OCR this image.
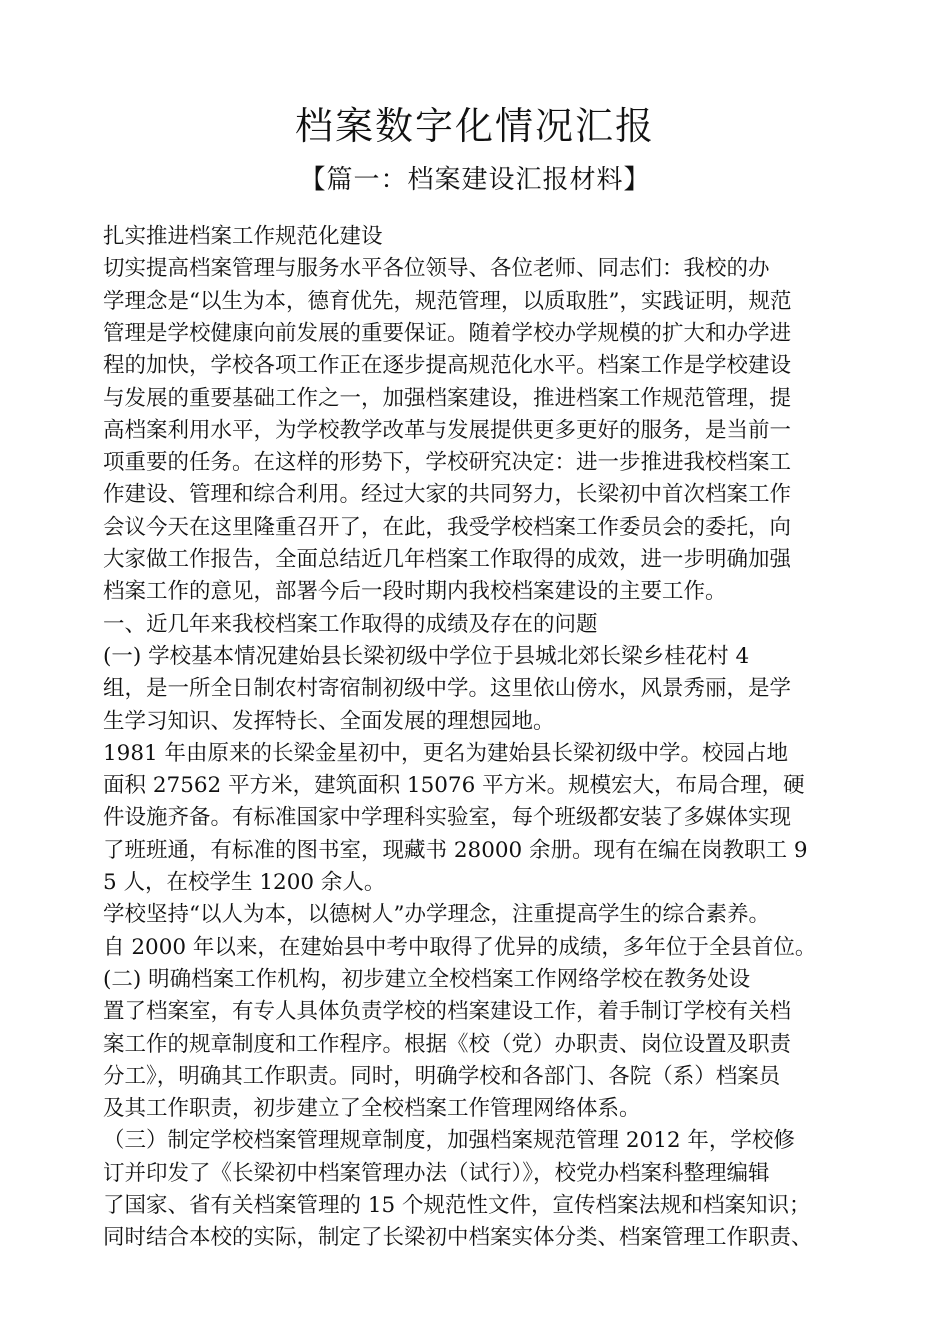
档案数字化情况汇报
【篇一：档案建设汇报材料】
扎实推进档案工作规范化建设
切实提高档案管理与服务水平各位领导、各位老师、同志们：我校的办
学理念是“以生为本，德育优先，规范管理，以质取胜”，实践证明，规范
管理是学校健康向前发展的重要保证。随着学校办学规模的扩大和办学进
程的加快，学校各项工作正在逐步提高规范化水平。档案工作是学校建设
与发展的重要基础工作之一，加强档案建设，推进档案工作规范管理，提
高档案利用水平，为学校教学改革与发展提供更多更好的服务，是当前一
项重要的任务。在这样的形势下，学校研究决定：进一步推进我校档案工
作建设、管理和综合利用。经过大家的共同努力，长梁初中首次档案工作
会议今天在这里隆重召开了，在此，我受学校档案工作委员会的委托，向
大家做工作报告，全面总结近几年档案工作取得的成效，进一步明确加强
档案工作的意见，部署今后一段时期内我校档案建设的主要工作。
一、近几年来我校档案工作取得的成绩及存在的问题
(一) 学校基本情况建始县长梁初级中学位于县城北郊长梁乡桂花村 4
组，是一所全日制农村寄宿制初级中学。这里依山傍水，风景秀丽，是学
生学习知识、发挥特长、全面发展的理想园地。
1981 年由原来的长梁金星初中，更名为建始县长梁初级中学。校园占地
面积 27562 平方米，建筑面积 15076 平方米。规模宏大，布局合理，硬
件设施齐备。有标准国家中学理科实验室，每个班级都安装了多媒体实现
了班班通，有标准的图书室，现藏书 28000 余册。现有在编在岗教职工 9
5 人，在校学生 1200 余人。
学校坚持“以人为本，以德树人”办学理念，注重提高学生的综合素养。
自 2000 年以来，在建始县中考中取得了优异的成绩，多年位于全县首位。
(二) 明确档案工作机构，初步建立全校档案工作网络学校在教务处设
置了档案室，有专人具体负责学校的档案建设工作，着手制订学校有关档
案工作的规章制度和工作程序。根据《校（党）办职责、岗位设置及职责
分工》，明确其工作职责。同时，明确学校和各部门、各院（系）档案员
及其工作职责，初步建立了全校档案工作管理网络体系。
（三）制定学校档案管理规章制度，加强档案规范管理 2012 年，学校修
订并印发了《长梁初中档案管理办法（试行）》，校党办档案科整理编辑
了国家、省有关档案管理的 15 个规范性文件，宣传档案法规和档案知识；
同时结合本校的实际，制定了长梁初中档案实体分类、档案管理工作职责、
